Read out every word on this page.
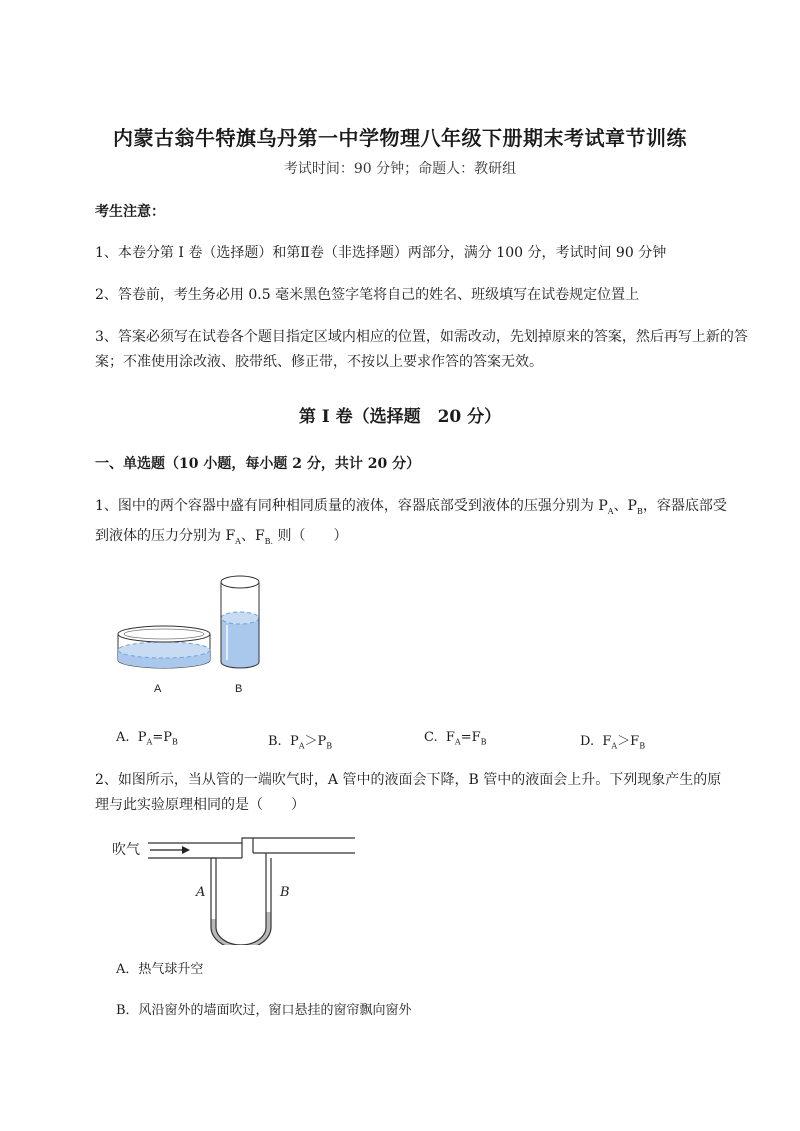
内蒙古翁牛特旗乌丹第一中学物理八年级下册期末考试章节训练
考试时间：90 分钟；命题人：教研组
考生注意：
1、本卷分第 I 卷（选择题）和第Ⅱ卷（非选择题）两部分，满分 100 分，考试时间 90 分钟
2、答卷前，考生务必用 0.5 毫米黑色签字笔将自己的姓名、班级填写在试卷规定位置上
3、答案必须写在试卷各个题目指定区域内相应的位置，如需改动，先划掉原来的答案，然后再写上新的答案；不准使用涂改液、胶带纸、修正带，不按以上要求作答的答案无效。
第 I 卷（选择题　20 分）
一、单选题（10 小题，每小题 2 分，共计 20 分）
1、图中的两个容器中盛有同种相同质量的液体，容器底部受到液体的压强分别为 $P_A$、$P_B$，容器底部受
到液体的压力分别为 $F_A$、$F_{B.}$ 则（　　）
A	B
A. $P_A=P_B$	B. $P_A>P_B$
C. $F_A=F_B$	D. $F_A>F_B$
2、如图所示，当从管的一端吹气时，A 管中的液面会下降，B 管中的液面会上升。下列现象产生的原
理与此实验原理相同的是（　　）
吹气
A	B
A．热气球升空
B．风沿窗外的墙面吹过，窗口悬挂的窗帘飘向窗外
